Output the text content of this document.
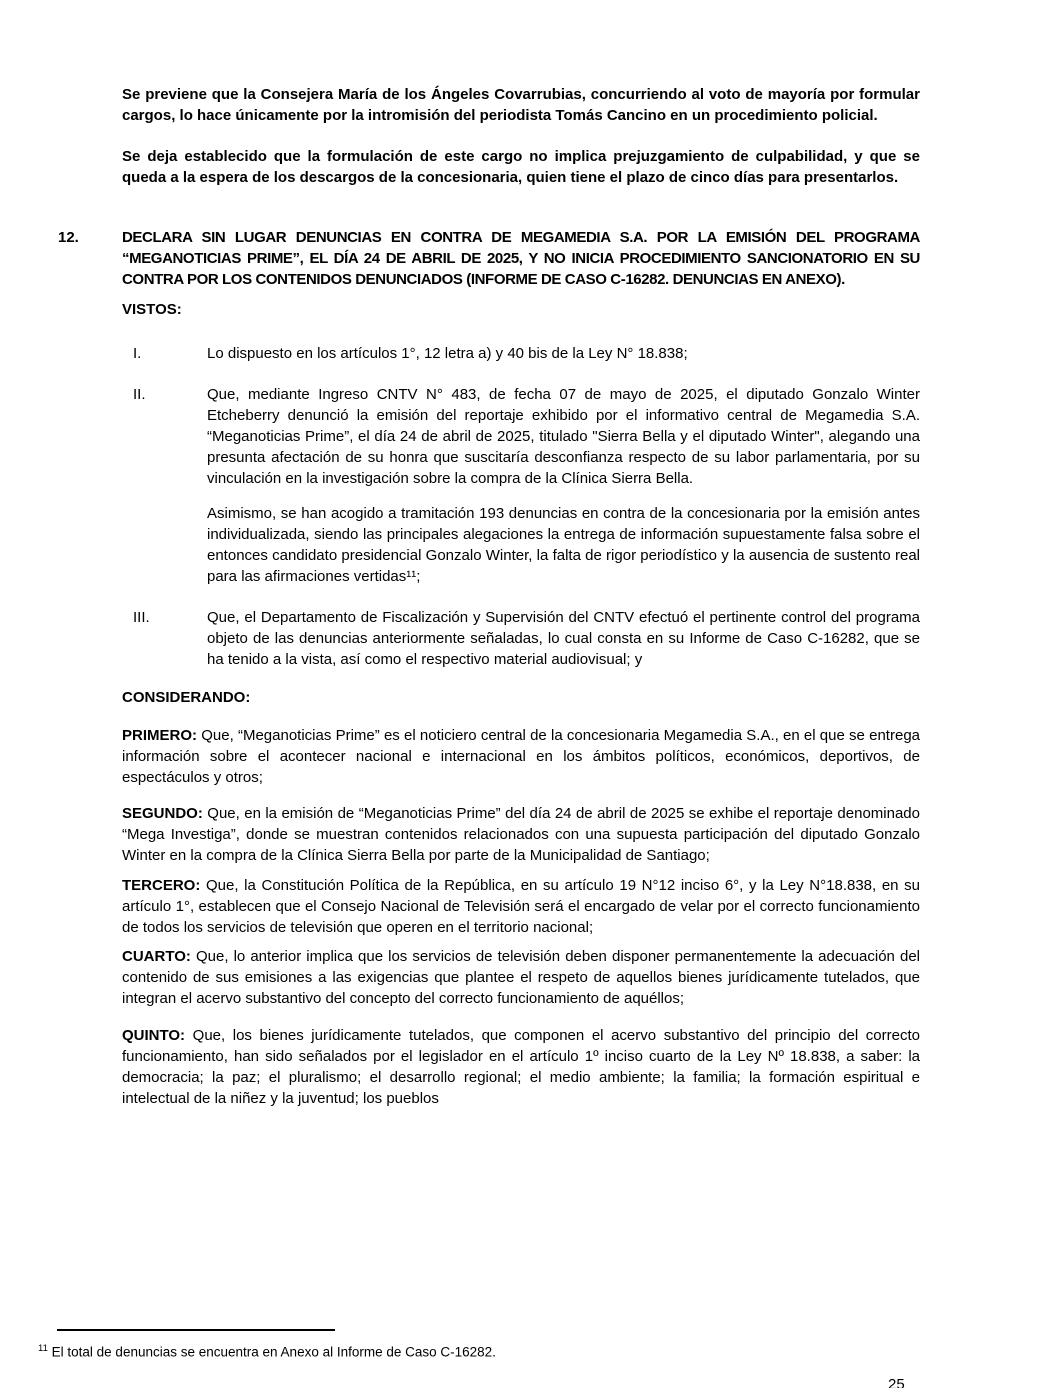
Se previene que la Consejera María de los Ángeles Covarrubias, concurriendo al voto de mayoría por formular cargos, lo hace únicamente por la intromisión del periodista Tomás Cancino en un procedimiento policial.

Se deja establecido que la formulación de este cargo no implica prejuzgamiento de culpabilidad, y que se queda a la espera de los descargos de la concesionaria, quien tiene el plazo de cinco días para presentarlos.

12.	DECLARA SIN LUGAR DENUNCIAS EN CONTRA DE MEGAMEDIA S.A. POR LA EMISIÓN DEL PROGRAMA “MEGANOTICIAS PRIME”, EL DÍA 24 DE ABRIL DE 2025, Y NO INICIA PROCEDIMIENTO SANCIONATORIO EN SU CONTRA POR LOS CONTENIDOS DENUNCIADOS (INFORME DE CASO C-16282. DENUNCIAS EN ANEXO).

VISTOS:

I.	Lo dispuesto en los artículos 1°, 12 letra a) y 40 bis de la Ley N° 18.838;

II.	Que, mediante Ingreso CNTV N° 483, de fecha 07 de mayo de 2025, el diputado Gonzalo Winter Etcheberry denunció la emisión del reportaje exhibido por el informativo central de Megamedia S.A. “Meganoticias Prime”, el día 24 de abril de 2025, titulado "Sierra Bella y el diputado Winter", alegando una presunta afectación de su honra que suscitaría desconfianza respecto de su labor parlamentaria, por su vinculación en la investigación sobre la compra de la Clínica Sierra Bella.

Asimismo, se han acogido a tramitación 193 denuncias en contra de la concesionaria por la emisión antes individualizada, siendo las principales alegaciones la entrega de información supuestamente falsa sobre el entonces candidato presidencial Gonzalo Winter, la falta de rigor periodístico y la ausencia de sustento real para las afirmaciones vertidas¹¹;

III.	Que, el Departamento de Fiscalización y Supervisión del CNTV efectuó el pertinente control del programa objeto de las denuncias anteriormente señaladas, lo cual consta en su Informe de Caso C-16282, que se ha tenido a la vista, así como el respectivo material audiovisual; y

CONSIDERANDO:

PRIMERO: Que, “Meganoticias Prime” es el noticiero central de la concesionaria Megamedia S.A., en el que se entrega información sobre el acontecer nacional e internacional en los ámbitos políticos, económicos, deportivos, de espectáculos y otros;

SEGUNDO: Que, en la emisión de “Meganoticias Prime” del día 24 de abril de 2025 se exhibe el reportaje denominado “Mega Investiga”, donde se muestran contenidos relacionados con una supuesta participación del diputado Gonzalo Winter en la compra de la Clínica Sierra Bella por parte de la Municipalidad de Santiago;

TERCERO: Que, la Constitución Política de la República, en su artículo 19 N°12 inciso 6°, y la Ley N°18.838, en su artículo 1°, establecen que el Consejo Nacional de Televisión será el encargado de velar por el correcto funcionamiento de todos los servicios de televisión que operen en el territorio nacional;

CUARTO: Que, lo anterior implica que los servicios de televisión deben disponer permanentemente la adecuación del contenido de sus emisiones a las exigencias que plantee el respeto de aquellos bienes jurídicamente tutelados, que integran el acervo substantivo del concepto del correcto funcionamiento de aquéllos;

QUINTO: Que, los bienes jurídicamente tutelados, que componen el acervo substantivo del principio del correcto funcionamiento, han sido señalados por el legislador en el artículo 1º inciso cuarto de la Ley Nº 18.838, a saber: la democracia; la paz; el pluralismo; el desarrollo regional; el medio ambiente; la familia; la formación espiritual e intelectual de la niñez y la juventud; los pueblos

$^{11}$ El total de denuncias se encuentra en Anexo al Informe de Caso C-16282.
25
